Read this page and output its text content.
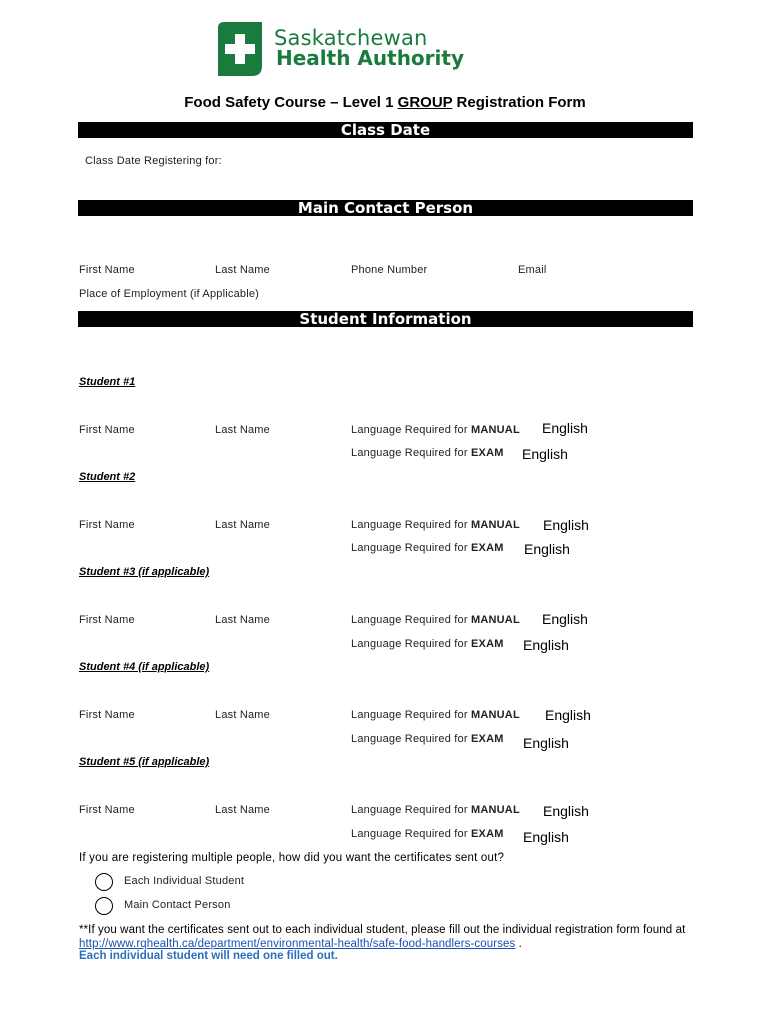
Saskatchewan
Health Authority
Food Safety Course – Level 1 GROUP Registration Form
Class Date
Class Date Registering for:
Main Contact Person
First Name	Last Name	Phone Number	Email
Place of Employment (if Applicable)
Student Information
Student #1
First Name	Last Name	Language Required for MANUAL English
Language Required for EXAM English
Student #2
First Name	Last Name	Language Required for MANUAL English
Language Required for EXAM English
Student #3 (if applicable)
First Name	Last Name	Language Required for MANUAL English
Language Required for EXAM English
Student #4 (if applicable)
First Name	Last Name	Language Required for MANUAL English
Language Required for EXAM English
Student #5 (if applicable)
First Name	Last Name	Language Required for MANUAL English
Language Required for EXAM English
If you are registering multiple people, how did you want the certificates sent out?
Each Individual Student
Main Contact Person
**If you want the certificates sent out to each individual student, please fill out the individual registration form found at http://www.rqhealth.ca/department/environmental-health/safe-food-handlers-courses .
Each individual student will need one filled out.
